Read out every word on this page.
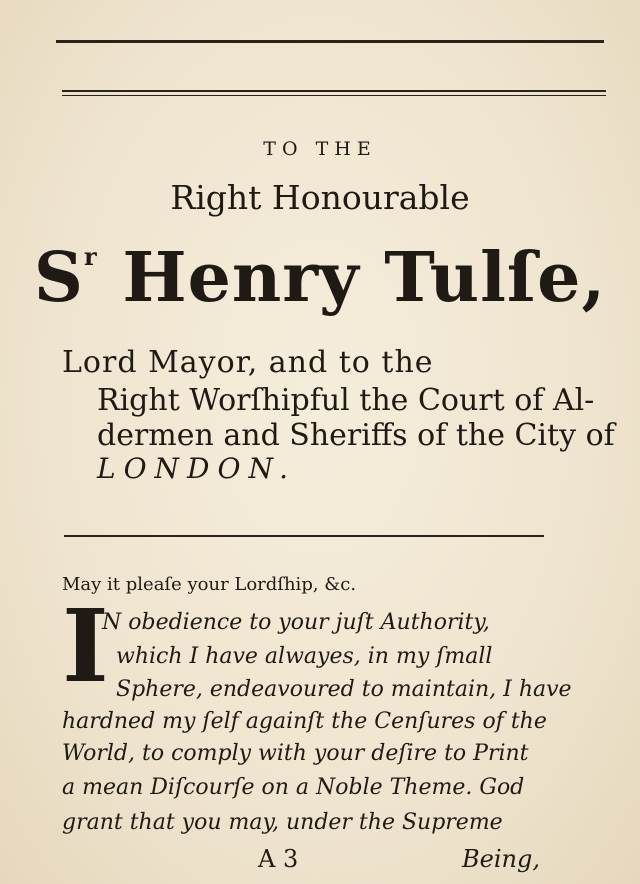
TO THE
Right Honourable
$S^r$ Henry Tulſe,
Lord Mayor, and to the
Right Worſhipful the Court of Al-
dermen and Sheriffs of the City of
LONDON.
May it pleaſe your Lordſhip, &c.
I
N obedience to your juſt Authority,
which I have alwayes, in my ſmall
Sphere, endeavoured to maintain, I have
hardned my ſelf againſt the Cenſures of the
World, to comply with your deſire to Print
a mean Diſcourſe on a Noble Theme. God
grant that you may, under the Supreme
A 3	Being,
